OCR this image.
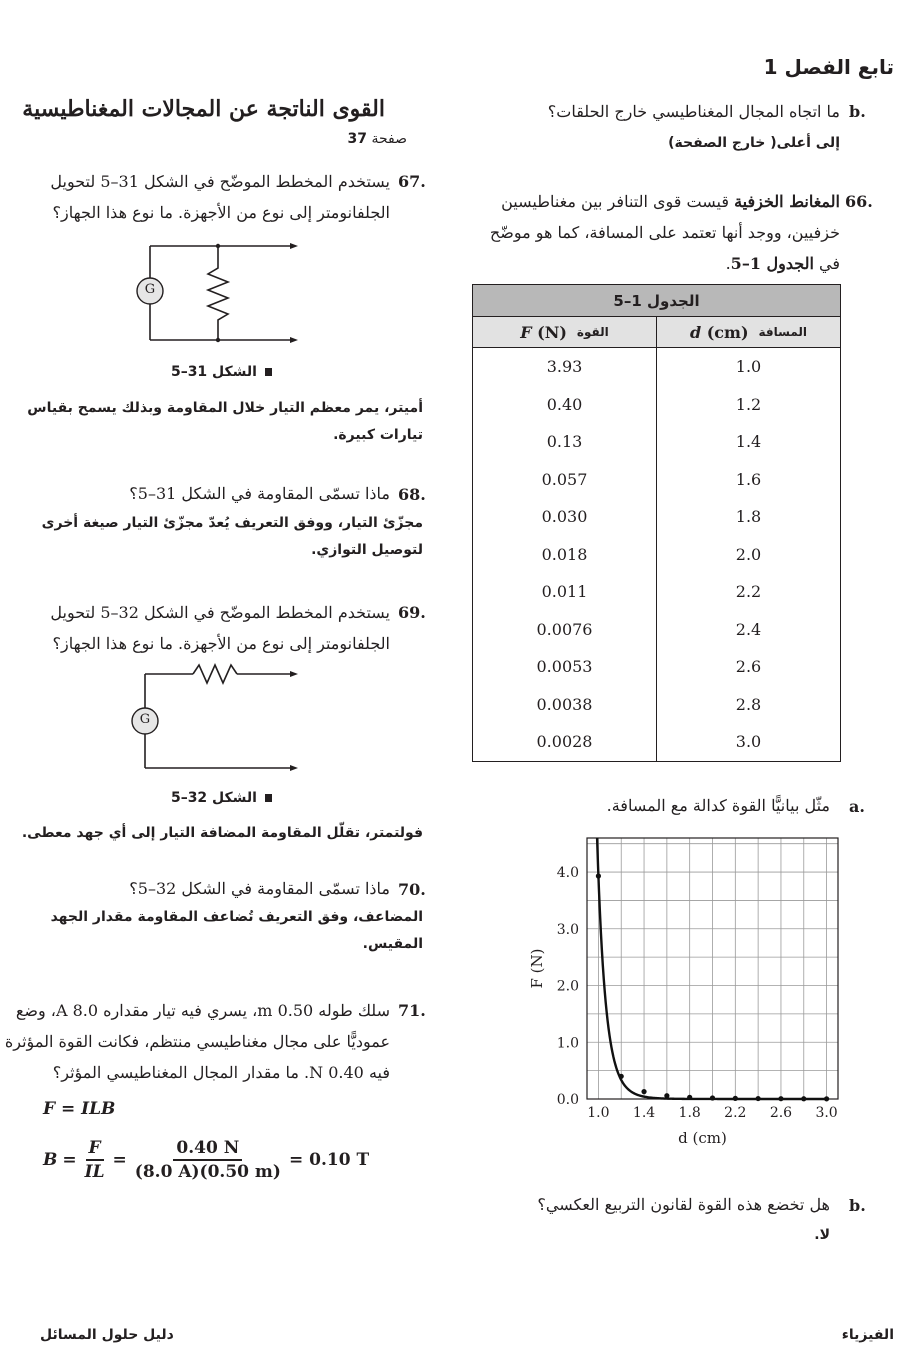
تابع الفصل 1
القوى الناتجة عن المجالات المغناطيسية
صفحة 37
67.
يستخدم المخطط الموضّح في الشكل 31–5 لتحويل
الجلفانومتر إلى نوع من الأجهزة. ما نوع هذا الجهاز؟
G
الشكل 31–5
أميتر، يمر معظم التيار خلال المقاومة وبذلك يسمح بقياس
تيارات كبيرة.
68.
ماذا تسمّى المقاومة في الشكل 31–5؟
مجزّئ التيار، ووفق التعريف يُعدّ مجزّئ التيار صيغة أخرى
لتوصيل التوازي.
69.
يستخدم المخطط الموضّح في الشكل 32–5 لتحويل
الجلفانومتر إلى نوع من الأجهزة. ما نوع هذا الجهاز؟
G
الشكل 32–5
فولتمتر، تقلّل المقاومة المضافة التيار إلى أي جهد معطى.
70.
ماذا تسمّى المقاومة في الشكل 32–5؟
المضاعف، وفق التعريف تُضاعف المقاومة مقدار الجهد
المقيس.
71.
سلك طوله 0.50 m، يسري فيه تيار مقداره 8.0 A، وضع
عموديًّا على مجال مغناطيسي منتظم، فكانت القوة المؤثرة
فيه 0.40 N. ما مقدار المجال المغناطيسي المؤثر؟
F = ILB
$B = \frac{F}{IL} = \frac{0.40 N}{(8.0 A)(0.50 m)} = 0.10$ T
b.
ما اتجاه المجال المغناطيسي خارج الحلقات؟
إلى أعلى( خارج الصفحة)
66.
المغانط الخزفية قيست قوى التنافر بين مغناطيسين
خزفيين، ووجد أنها تعتمد على المسافة، كما هو موضّح
في الجدول 1–5.
الجدول 1–5	

F (N) القوة	d (cm) المسافة

3.93	1.0
0.40	1.2
0.13	1.4
0.057	1.6
0.030	1.8
0.018	2.0
0.011	2.2
0.0076	2.4
0.0053	2.6
0.0038	2.8
0.0028	3.0
a.
مثّل بيانيًّا القوة كدالة مع المسافة.
1.0 1.4 1.8 2.2 2.6 3.0
0.0
1.0
2.0
3.0
4.0
d (cm)
F (N)
b.
هل تخضع هذه القوة لقانون التربيع العكسي؟
لا.
دليل حلول المسائل	الفيزياء
